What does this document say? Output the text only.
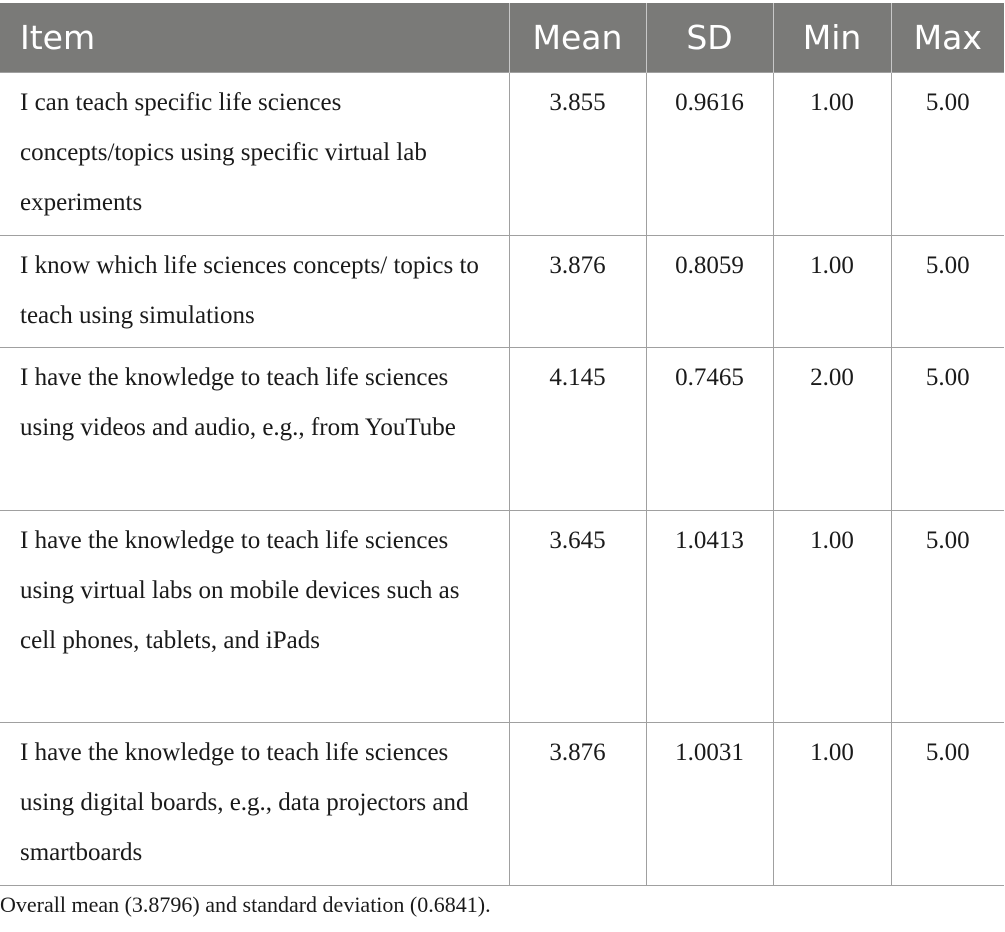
Item	Mean	SD	Min	Max
I can teach specific life sciences concepts/topics using specific virtual lab experiments	3.855	0.9616	1.00	5.00
I know which life sciences concepts/ topics to teach using simulations	3.876	0.8059	1.00	5.00
I have the knowledge to teach life sciences using videos and audio, e.g., from YouTube	4.145	0.7465	2.00	5.00
I have the knowledge to teach life sciences using virtual labs on mobile devices such as cell phones, tablets, and iPads	3.645	1.0413	1.00	5.00
I have the knowledge to teach life sciences using digital boards, e.g., data projectors and smartboards	3.876	1.0031	1.00	5.00

Overall mean (3.8796) and standard deviation (0.6841).
